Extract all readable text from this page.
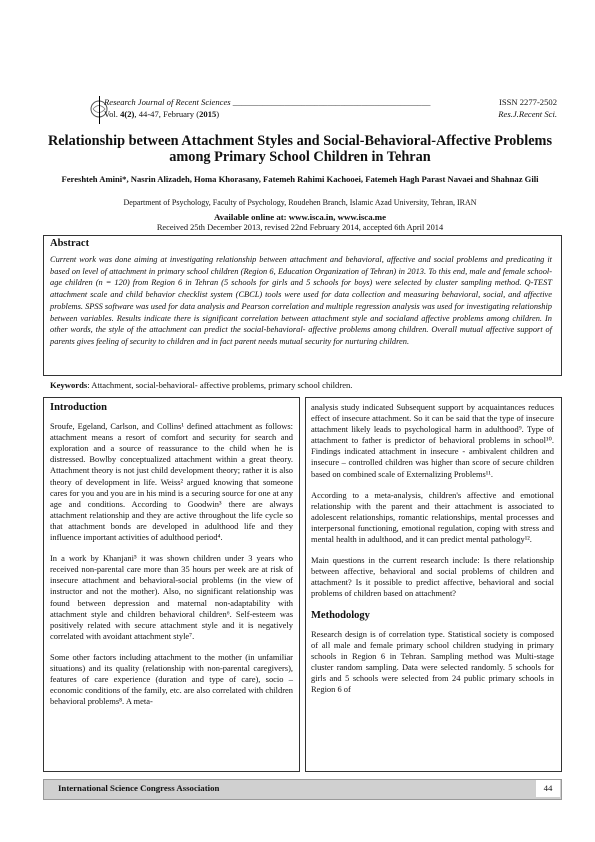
Research Journal of Recent Sciences ______________________________________________
Vol. 4(2), 44-47, February (2015)
ISSN 2277-2502
Res.J.Recent Sci.
Relationship between Attachment Styles and Social-Behavioral-Affective Problems among Primary School Children in Tehran
Fereshteh Amini*, Nasrin Alizadeh, Homa Khorasany, Fatemeh Rahimi Kachooei, Fatemeh Hagh Parast Navaei and Shahnaz Gili
Department of Psychology, Faculty of Psychology, Roudehen Branch, Islamic Azad University, Tehran, IRAN
Available online at: www.isca.in, www.isca.me
Received 25th December 2013, revised 22nd February 2014, accepted 6th April 2014
Abstract
Current work was done aiming at investigating relationship between attachment and behavioral, affective and social problems and predicating it based on level of attachment in primary school children (Region 6, Education Organization of Tehran) in 2013. To this end, male and female school-age children (n = 120) from Region 6 in Tehran (5 schools for girls and 5 schools for boys) were selected by cluster sampling method. Q-TEST attachment scale and child behavior checklist system (CBCL) tools were used for data collection and measuring behavioral, social, and affective problems. SPSS software was used for data analysis and Pearson correlation and multiple regression analysis was used for investigating relationship between variables. Results indicate there is significant correlation between attachment style and socialand affective problems among children. In other words, the style of the attachment can predict the social-behavioral- affective problems among children. Overall mutual affective support of parents gives feeling of security to children and in fact parent needs mutual security for nurturing children.
Keywords: Attachment, social-behavioral- affective problems, primary school children.
Introduction

Sroufe, Egeland, Carlson, and Collins¹ defined attachment as follows: attachment means a resort of comfort and security for search and exploration and a source of reassurance to the child when he is distressed. Bowlby conceptualized attachment within a great theory. Attachment theory is not just child development theory; rather it is also theory of development in life. Weiss² argued knowing that someone cares for you and you are in his mind is a securing source for one at any age and conditions. According to Goodwin³ there are always attachment relationship and they are active throughout the life cycle so that attachment bonds are developed in adulthood life and they influence important activities of adulthood period⁴.

In a work by Khanjani⁵ it was shown children under 3 years who received non-parental care more than 35 hours per week are at risk of insecure attachment and behavioral-social problems (in the view of instructor and not the mother). Also, no significant relationship was found between depression and maternal non-adaptability with attachment style and children behavioral children⁶. Self-esteem was positively related with secure attachment style and it is negatively correlated with avoidant attachment style⁷.

Some other factors including attachment to the mother (in unfamiliar situations) and its quality (relationship with non-parental caregivers), features of care experience (duration and type of care), socio – economic conditions of the family, etc. are also correlated with children behavioral problems⁸. A meta-

analysis study indicated Subsequent support by acquaintances reduces effect of insecure attachment. So it can be said that the type of insecure attachment likely leads to psychological harm in adulthood⁹. Type of attachment to father is predictor of behavioral problems in school¹⁰. Findings indicated attachment in insecure - ambivalent children and insecure – controlled children was higher than score of secure children based on combined scale of Externalizing Problems¹¹.

According to a meta-analysis, children's affective and emotional relationship with the parent and their attachment is associated to adolescent relationships, romantic relationships, mental processes and interpersonal functioning, emotional regulation, coping with stress and mental health in adulthood, and it can predict mental pathology¹².

Main questions in the current research include: Is there relationship between affective, behavioral and social problems of children and attachment? Is it possible to predict affective, behavioral and social problems of children based on attachment?

Methodology

Research design is of correlation type. Statistical society is composed of all male and female primary school children studying in primary schools in Region 6 in Tehran. Sampling method was Multi-stage cluster random sampling. Data were selected randomly. 5 schools for girls and 5 schools were selected from 24 public primary schools in Region 6 of

International Science Congress Association	44
